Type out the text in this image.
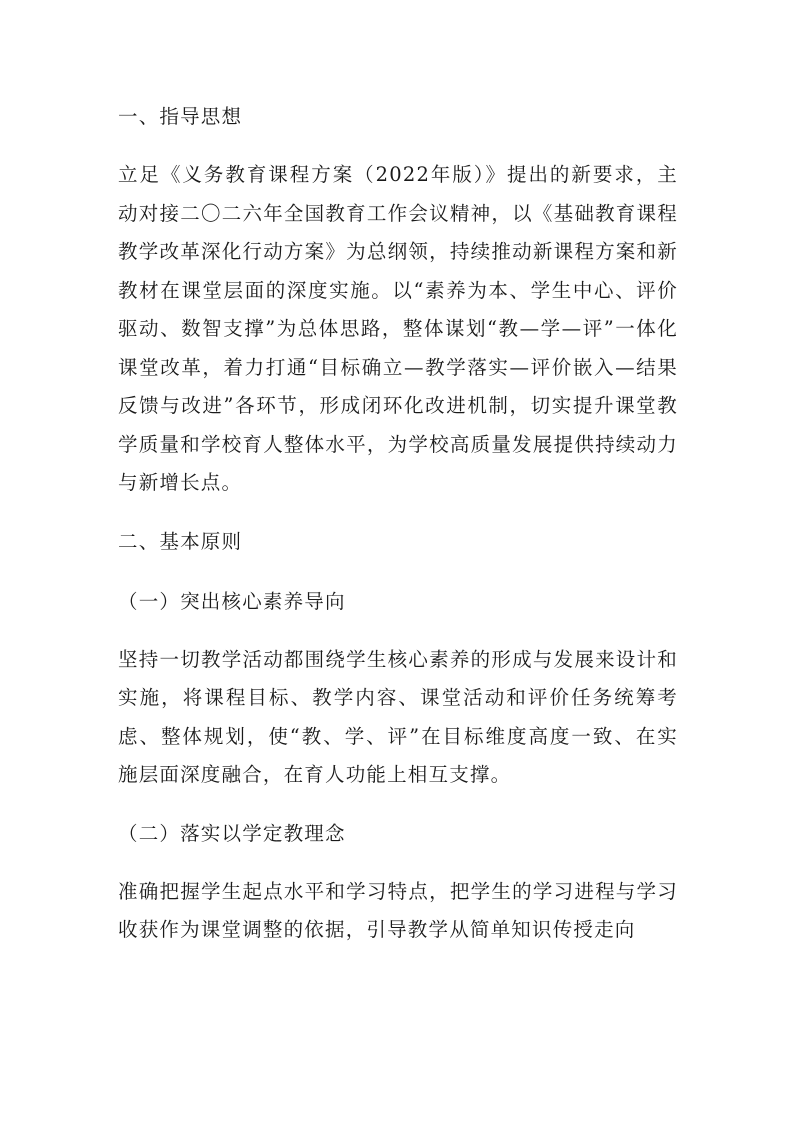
一、指导思想

立足《义务教育课程方案（2022年版）》提出的新要求，主动对接二〇二六年全国教育工作会议精神，以《基础教育课程教学改革深化行动方案》为总纲领，持续推动新课程方案和新教材在课堂层面的深度实施。以“素养为本、学生中心、评价驱动、数智支撑”为总体思路，整体谋划“教—学—评”一体化课堂改革，着力打通“目标确立—教学落实—评价嵌入—结果反馈与改进”各环节，形成闭环化改进机制，切实提升课堂教学质量和学校育人整体水平，为学校高质量发展提供持续动力与新增长点。

二、基本原则
（一）突出核心素养导向

坚持一切教学活动都围绕学生核心素养的形成与发展来设计和实施，将课程目标、教学内容、课堂活动和评价任务统筹考虑、整体规划，使“教、学、评”在目标维度高度一致、在实施层面深度融合，在育人功能上相互支撑。

（二）落实以学定教理念

准确把握学生起点水平和学习特点，把学生的学习进程与学习收获作为课堂调整的依据，引导教学从简单知识传授走向
